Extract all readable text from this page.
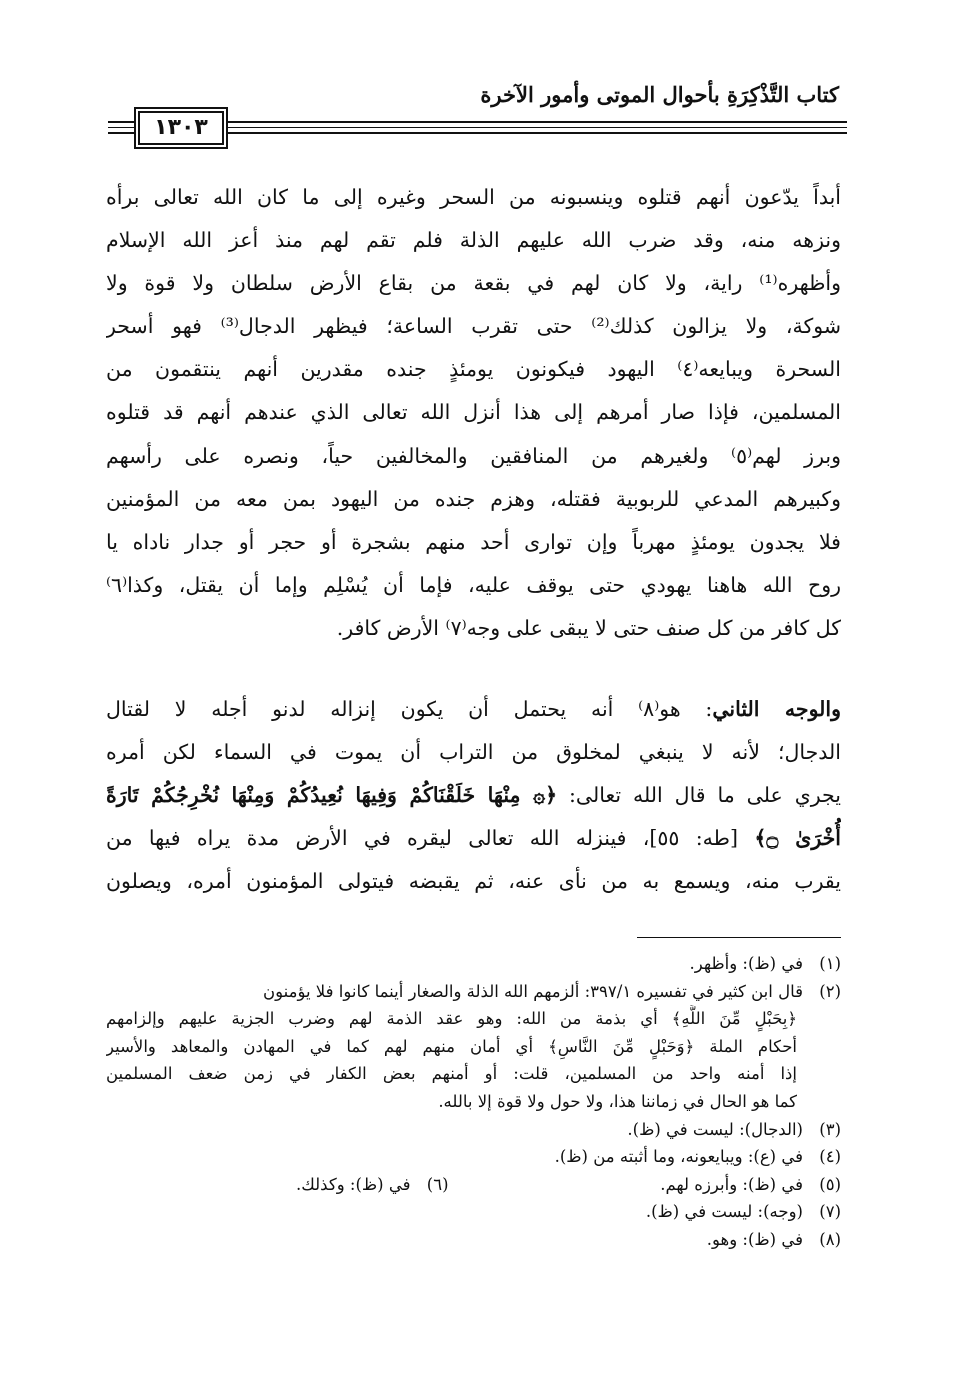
كتاب التَّذْكِرَةِ بأحوال الموتى وأمور الآخرة
١٣٠٣
أبداً يدّعون أنهم قتلوه وينسبونه من السحر وغيره إلى ما كان الله تعالى برأه
ونزهه منه، وقد ضرب الله عليهم الذلة فلم تقم لهم منذ أعز الله الإسلام
وأظهره⁽¹⁾ راية، ولا كان لهم في بقعة من بقاع الأرض سلطان ولا قوة ولا
شوكة، ولا يزالون كذلك⁽²⁾ حتى تقرب الساعة؛ فيظهر الدجال⁽³⁾ فهو أسحر
السحرة ويبايعه⁽٤⁾ اليهود فيكونون يومئذٍ جنده مقدرين أنهم ينتقمون من
المسلمين، فإذا صار أمرهم إلى هذا أنزل الله تعالى الذي عندهم أنهم قد قتلوه
وبرز لهم⁽٥⁾ ولغيرهم من المنافقين والمخالفين حياً، ونصره على رأسهم
وكبيرهم المدعي للربوبية فقتله، وهزم جنده من اليهود بمن معه من المؤمنين
فلا يجدون يومئذٍ مهرباً وإن توارى أحد منهم بشجرة أو حجر أو جدار ناداه يا
روح الله هاهنا يهودي حتى يوقف عليه، فإما أن يُسْلِم وإما أن يقتل، وكذا⁽٦⁾
كل كافر من كل صنف حتى لا يبقى على وجه⁽٧⁾ الأرض كافر.
والوجه الثاني: هو⁽٨⁾ أنه يحتمل أن يكون إنزاله لدنو أجله لا لقتال
الدجال؛ لأنه لا ينبغي لمخلوق من التراب أن يموت في السماء لكن أمره
يجري على ما قال الله تعالى: ﴿۞ مِنْهَا خَلَقْنَاكُمْ وَفِيهَا نُعِيدُكُمْ وَمِنْهَا نُخْرِجُكُمْ تَارَةً
أُخْرَىٰ ۝﴾ [طه: ٥٥]، فينزله الله تعالى ليقره في الأرض مدة يراه فيها من
يقرب منه، ويسمع به من نأى عنه، ثم يقبضه فيتولى المؤمنون أمره، ويصلون
(١)في (ظ): وأظهر.
(٢)قال ابن كثير في تفسيره ٣٩٧/١: ألزمهم الله الذلة والصغار أينما كانوا فلا يؤمنون
﴿بِحَبْلٍ مِّنَ اللَّهِ﴾ أي بذمة من الله: وهو عقد الذمة لهم وضرب الجزية عليهم وإلزامهم
أحكام الملة ﴿وَحَبْلٍ مِّنَ النَّاسِ﴾ أي أمان منهم لهم كما في المهادن والمعاهد والأسير
إذا أمنه واحد من المسلمين، قلت: أو أمنهم بعض الكفار في زمن ضعف المسلمين
كما هو الحال في زماننا هذا، ولا حول ولا قوة إلا بالله.
(٣)(الدجال): ليست في (ظ).
(٤)في (ع): ويبايعونه، وما أثبته من (ظ).
(٥)في (ظ): وأبرزه لهم.
(٦)في (ظ): وكذلك.
(٧)(وجه): ليست في (ظ).
(٨)في (ظ): وهو.
